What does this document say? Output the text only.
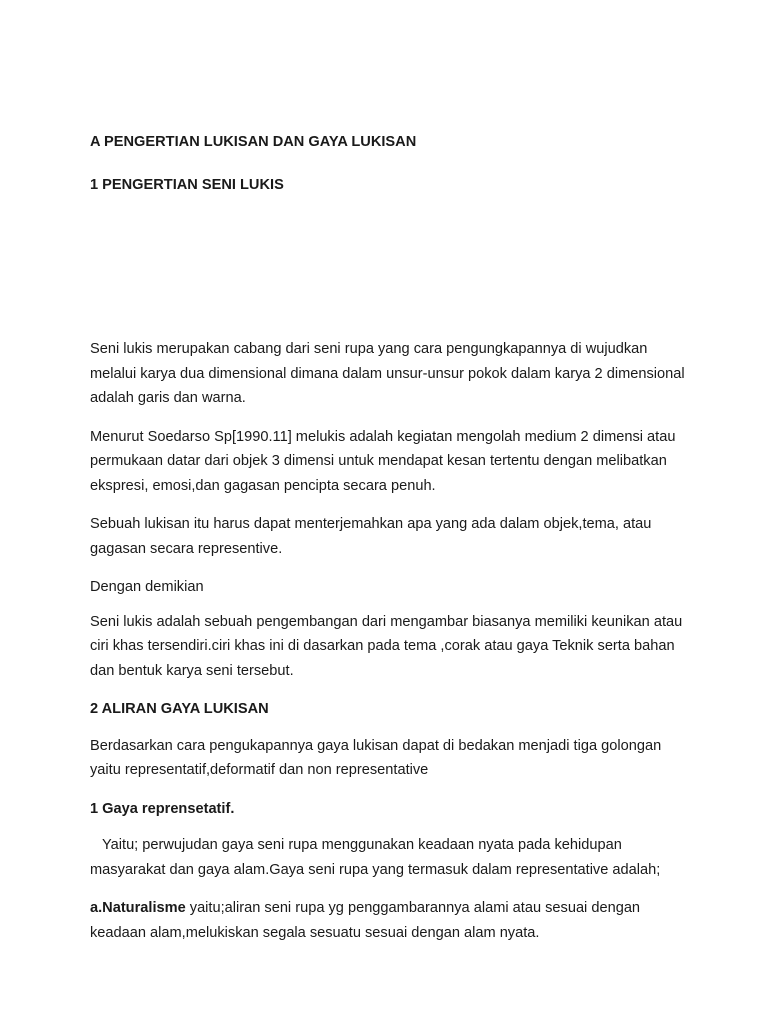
A PENGERTIAN LUKISAN DAN GAYA LUKISAN
1 PENGERTIAN SENI LUKIS

Seni lukis merupakan cabang dari seni rupa yang cara pengungkapannya di wujudkan melalui karya dua dimensional dimana dalam unsur-unsur pokok dalam karya 2 dimensional adalah garis dan warna.

Menurut Soedarso Sp[1990.11] melukis adalah kegiatan mengolah medium 2 dimensi atau permukaan datar dari objek 3 dimensi untuk mendapat kesan tertentu dengan melibatkan ekspresi, emosi,dan gagasan pencipta secara penuh.

Sebuah lukisan itu harus dapat menterjemahkan apa yang ada dalam objek,tema, atau gagasan secara representive.

Dengan demikian

Seni lukis adalah sebuah pengembangan dari mengambar biasanya memiliki keunikan atau ciri khas tersendiri.ciri khas ini di dasarkan pada tema ,corak atau gaya Teknik serta bahan dan bentuk karya seni tersebut.

2 ALIRAN GAYA LUKISAN

Berdasarkan cara pengukapannya gaya lukisan dapat di bedakan menjadi tiga golongan yaitu representatif,deformatif dan non representative

1 Gaya reprensetatif.

Yaitu; perwujudan gaya seni rupa menggunakan keadaan nyata pada kehidupan masyarakat dan gaya alam.Gaya seni rupa yang termasuk dalam representative adalah;

a.Naturalisme yaitu;aliran seni rupa yg penggambarannya alami atau sesuai dengan keadaan alam,melukiskan segala sesuatu sesuai dengan alam nyata.
